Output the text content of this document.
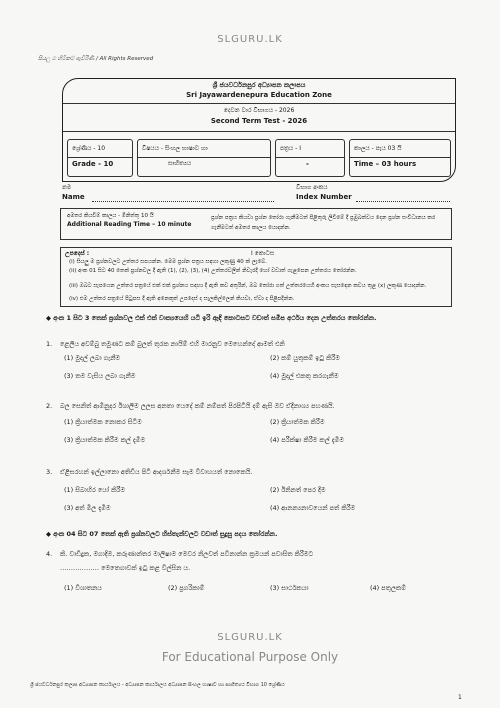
SLGURU.LK
සියලු ම හිමිකම් ඇවිරිණි / All Rights Reserved
ශ්‍රී ජයවර්ධනපුර අධ්‍යාපන කලාපය
Sri Jayawardenepura Education Zone
දෙවන වාර විභාගය - 2026
Second Term Test - 2026
ශ්‍රේණිය - 10
Grade - 10
විෂයය - සිංහල භාෂාව හා
සාහිත්‍යය
පත්‍රය - I
-
කාලය - පැය 03 යි
Time – 03 hours
නම
Name
විභාග අංකය
Index Number
අමතර කියවීම් කාලය - මිනිත්තු 10 යි
Additional Reading Time – 10 minute
ප්‍රශ්න පත්‍රය කියවා ප්‍රශ්න තෝරා ගැනීමටත් පිළිතුරු ලිවීමේ දී ප්‍රමුඛත්වය දෙන ප්‍රශ්න සංවිධානය කර ගැනීමටත් අමතර කාලය යොදන්න.
උපදෙස් :	I කොටස
(i) සියලු ම ප්‍රශ්නවලට උත්තර සපයන්න. මෙම ප්‍රශ්න පත්‍රය සඳහා ලකුණු 40 ක් ලැබේ.
(ii) අංක 01 සිට 40 තෙක් ප්‍රශ්නවල දී ඇති (1), (2), (3), (4) උත්තරවලින් නිවැරදි හෝ වඩාත් ගැළපෙන උත්තරය තෝරන්න.
(iii) ඔබට සැපයෙන උත්තර පත්‍රයේ එක් එක් ප්‍රශ්නය සඳහා දී ඇති කව අතුරින්, ඔබ තෝරා ගත් උත්තරයෙහි අංකය සැසඳෙන කවය තුළ (x) ලකුණ යොදන්න.
(iv) එම උත්තර පත්‍රයේ පිටුපස දී ඇති අනෙකුත් උපදෙස් ද සැලකිල්ලෙන් කියවා, ඒවා ද පිළිපදින්න.
◆ අංක 1 සිට 3 තෙක් ප්‍රශ්නවල එක් එක් වාක්‍යයෙහි යටි ඉරි ඇඳි කොටසට වඩාත් සමීප අර්ථය දෙන උත්තරය තෝරන්න.
1. ළෙලිය අවම්බු තමුණට කම් බුලත් තුරක නායිම් එහි මාරනුව මෙහෙන්දේ ආමත් එනි
(1) මුදල් ලබා ගැනීම	(2) කම් යුතුකම් ඉටු කිරීම
(3) තම වැසිය ලබා ගැනීම	(4) මුදල් එකතු කරගැනීම
2. බල සෙනිත් ආමිනුදර ඊශාලිම ලලස අනතා යෙදේ කම් නම්පත් පිරපිටියි දම් ඇසි ඔව ඒදීනාශ්‍ය පහණයි.
(1) ක්‍රියාත්මක නොකර සිටීම	(2) ක්‍රියාත්මක කිරීම
(3) ක්‍රියාත්මක කිරීම කල් දැමීම	(4) පරීක්ෂා කිරීම කල් දැමීම
3. ඒළිසරහන් ඉල්ලානො අතිඩිය පිටි ආදර්ශනීම සෑම විවාහයත් නොකෙයි.
(1) සිබාහිර යෝ කිරීම	(2) ඊනිනත් පෙර දීම
(3) අත් මිල දැමීම	(4) ආනන්‍යනාවයෙන් පත් කිරීම
◆ අංක 04 සිට 07 තෙක් ඇති ප්‍රශ්නවලට හිස්තැන්වලට වඩාත් සුදුසු පදය තෝරන්න.
4. කි. වාඩිදුක, මගාදිම, කරුණාන්තර මාලිෂාම මෙවර නිලවත් පවිනාන්න ක්‍රමයන් පවාසිත කිරීමට
……………… මෙතෙගාවක් ඉටු කළ විල්සින ය.
(1) විශාතනය	(2) ප්‍රගරිකාම්	(3) සාර්ථකයා	(4) පතුලකම්
SLGURU.LK
For Educational Purpose Only
ශ්‍රී ජයවර්ධනපුර කලාප අධ්‍යාපන කාර්යාලය - අධ්‍යාපන කාර්යාලය අධ්‍යාපන සිංහල භාෂාව හා සාහිත්‍යය විභාග 10 ශ්‍රේණිය
1
